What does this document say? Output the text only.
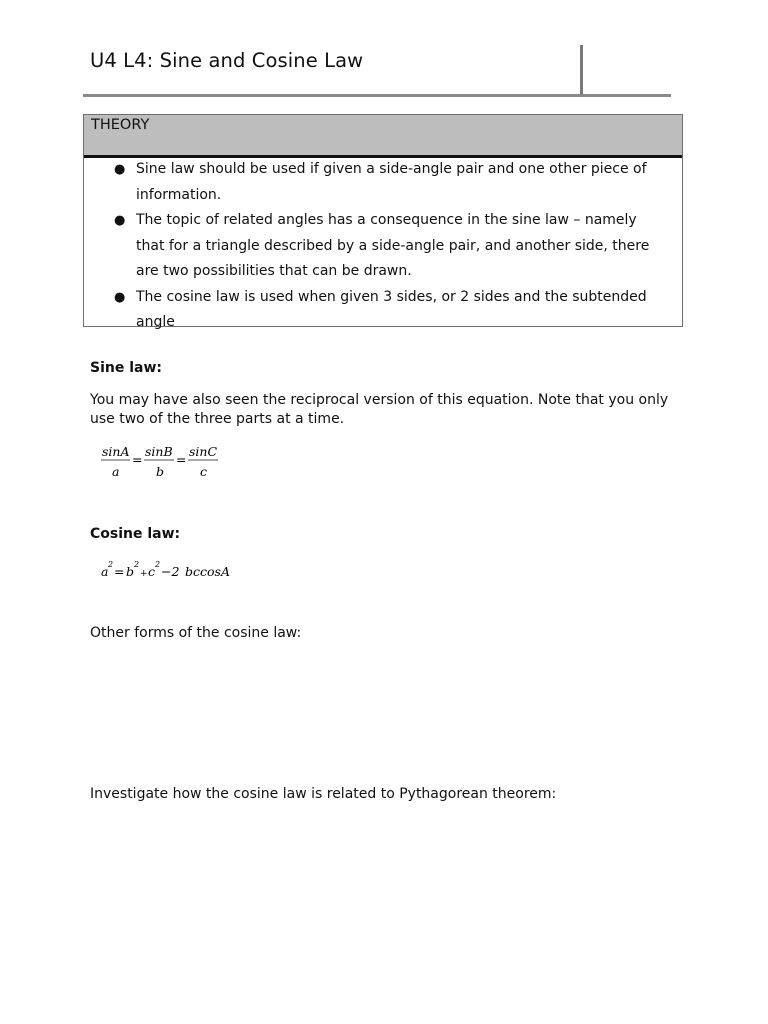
U4 L4: Sine and Cosine Law
THEORY
● Sine law should be used if given a side-angle pair and one other piece of information.
● The topic of related angles has a consequence in the sine law – namely that for a triangle described by a side-angle pair, and another side, there are two possibilities that can be drawn.
● The cosine law is used when given 3 sides, or 2 sides and the subtended angle
Sine law:
You may have also seen the reciprocal version of this equation. Note that you only use two of the three parts at a time.
sinA
a
=
sinB
b
=
sinC
c
Cosine law:
a 2 = b 2
+ c 2 −2 bccosA
Other forms of the cosine law:
Investigate how the cosine law is related to Pythagorean theorem:
